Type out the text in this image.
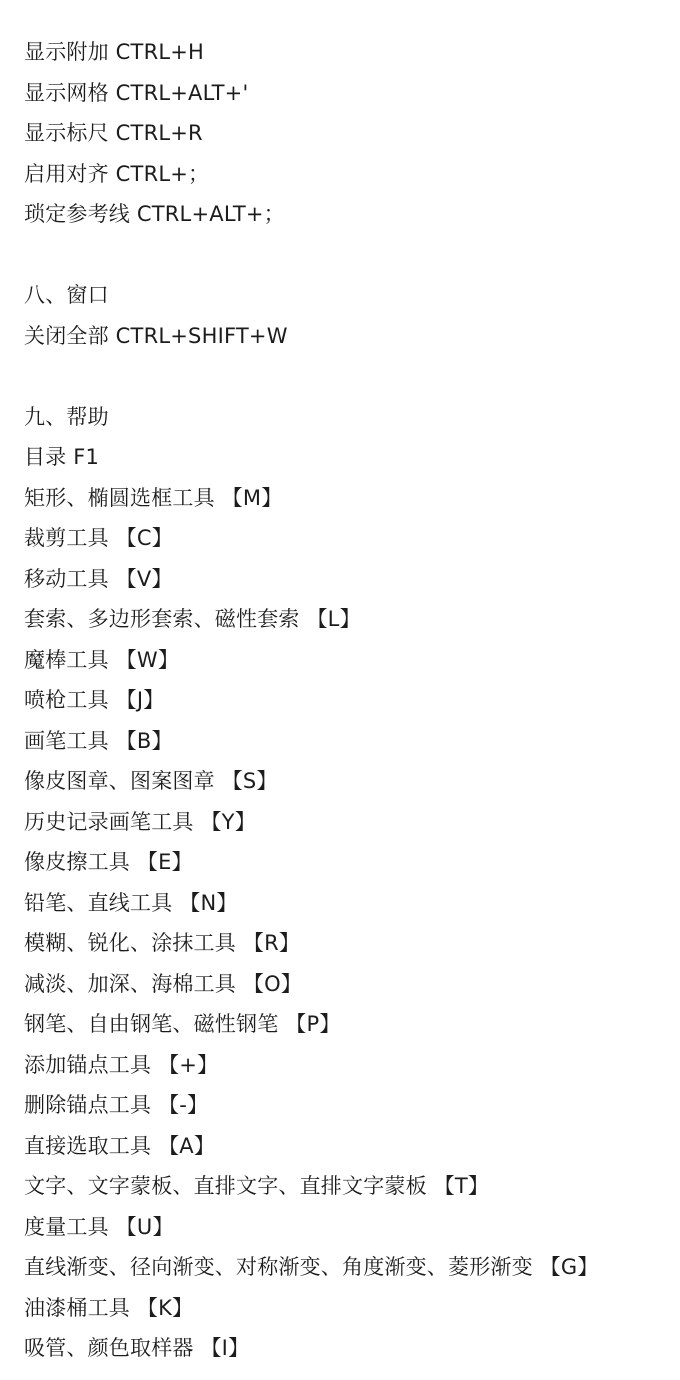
显示附加 CTRL+H
显示网格 CTRL+ALT+'
显示标尺 CTRL+R
启用对齐 CTRL+；
琐定参考线 CTRL+ALT+；
八、窗口
关闭全部 CTRL+SHIFT+W
九、帮助
目录 F1
矩形、椭圆选框工具 【M】
裁剪工具 【C】
移动工具 【V】
套索、多边形套索、磁性套索 【L】
魔棒工具 【W】
喷枪工具 【J】
画笔工具 【B】
像皮图章、图案图章 【S】
历史记录画笔工具 【Y】
像皮擦工具 【E】
铅笔、直线工具 【N】
模糊、锐化、涂抹工具 【R】
减淡、加深、海棉工具 【O】
钢笔、自由钢笔、磁性钢笔 【P】
添加锚点工具 【+】
删除锚点工具 【-】
直接选取工具 【A】
文字、文字蒙板、直排文字、直排文字蒙板 【T】
度量工具 【U】
直线渐变、径向渐变、对称渐变、角度渐变、菱形渐变 【G】
油漆桶工具 【K】
吸管、颜色取样器 【I】
